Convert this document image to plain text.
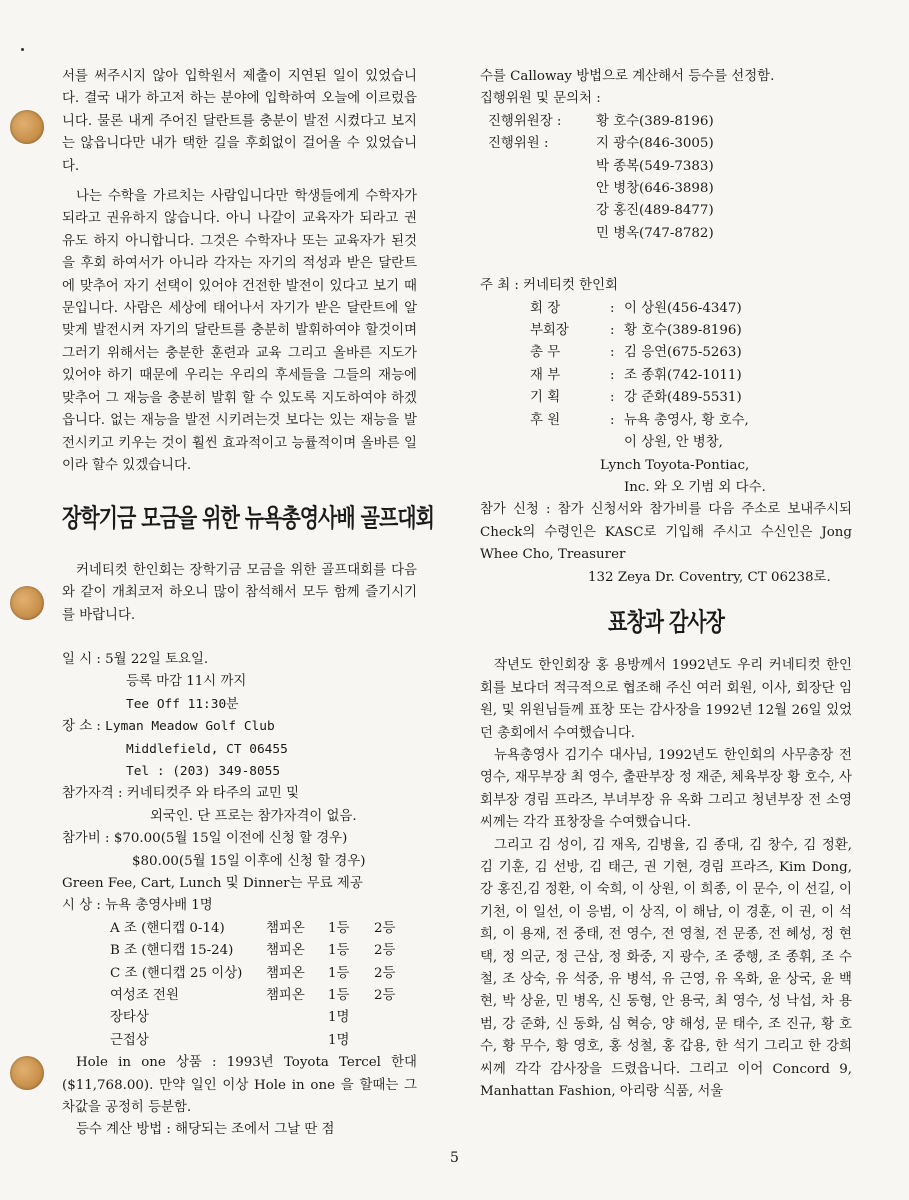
서를 써주시지 않아 입학원서 제출이 지연된 일이 있었습니다. 결국 내가 하고저 하는 분야에 입학하여 오늘에 이르렀읍니다. 물론 내게 주어진 달란트를 충분이 발전 시켰다고 보지는 않읍니다만 내가 택한 길을 후회없이 걸어올 수 있었습니다.

나는 수학을 가르치는 사람입니다만 학생들에게 수학자가 되라고 권유하지 않습니다. 아니 나갈이 교육자가 되라고 권유도 하지 아니합니다. 그것은 수학자나 또는 교육자가 된것을 후회 하여서가 아니라 각자는 자기의 적성과 받은 달란트에 맞추어 자기 선택이 있어야 건전한 발전이 있다고 보기 때문입니다. 사람은 세상에 태어나서 자기가 받은 달란트에 알맞게 발전시켜 자기의 달란트를 충분히 발휘하여야 할것이며 그러기 위해서는 충분한 훈련과 교육 그리고 올바른 지도가 있어야 하기 때문에 우리는 우리의 후세들을 그들의 재능에 맞추어 그 재능을 충분히 발휘 할 수 있도록 지도하여야 하겠읍니다. 없는 재능을 발전 시키려는것 보다는 있는 재능을 발전시키고 키우는 것이 훨씬 효과적이고 능률적이며 올바른 일이라 할수 있겠습니다.

장학기금 모금을 위한 뉴욕총영사배 골프대회

커네티컷 한인회는 장학기금 모금을 위한 골프대회를 다음와 같이 개최코저 하오니 많이 참석해서 모두 함께 즐기시기를 바랍니다.

일 시 : 5월 22일 토요일.
등록 마감 11시 까지
Tee Off 11:30분
장 소 : Lyman Meadow Golf Club
Middlefield, CT 06455
Tel : (203) 349-8055
참가자격 : 커네티컷주 와 타주의 교민 및
외국인. 단 프로는 참가자격이 없음.
참가비 : $70.00(5월 15일 이전에 신청 할 경우)
$80.00(5월 15일 이후에 신청 할 경우)
Green Fee, Cart, Lunch 및 Dinner는 무료 제공
시 상 : 뉴욕 총영사배 1명
A 조 (핸디캡 0-14)	챔피온	1등	2등
B 조 (핸디캡 15-24)	챔피온	1등	2등
C 조 (핸디캡 25 이상)	챔피온	1등	2등
여성조 전원	챔피온	1등	2등
장타상	1명
근접상	1명

Hole in one 상품 : 1993년 Toyota Tercel 한대($11,768.00). 만약 일인 이상 Hole in one 을 할때는 그 차값을 공정히 등분함.

등수 계산 방법 : 해당되는 조에서 그날 딴 점

수를 Calloway 방법으로 계산해서 등수를 선정함.

집행위원 및 문의처 :
진행위원장 :	황 호수(389-8196)
진행위원 :	지 광수(846-3005)
박 종복(549-7383)
안 병창(646-3898)
강 홍진(489-8477)
민 병옥(747-8782)
주 최 : 커네티컷 한인회
회 장	: 이 상원(456-4347)
부회장	: 황 호수(389-8196)
총 무	: 김 응연(675-5263)
재 부	: 조 종휘(742-1011)
기 획	: 강 준화(489-5531)
후 원	: 뉴욕 총영사, 황 호수,
이 상원, 안 병창,
Lynch Toyota-Pontiac,
Inc. 와 오 기범 외 다수.

참가 신청 : 참가 신청서와 참가비를 다음 주소로 보내주시되 Check의 수령인은 KASC로 기입해 주시고 수신인은 Jong Whee Cho, Treasurer

132 Zeya Dr. Coventry, CT 06238로.
표창과 감사장

작년도 한인회장 홍 용방께서 1992년도 우리 커네티컷 한인회를 보다더 적극적으로 협조해 주신 여러 회원, 이사, 회장단 임원, 및 위원님들께 표창 또는 감사장을 1992년 12월 26일 있었던 총회에서 수여했습니다.

뉴욕총영사 김기수 대사님, 1992년도 한인회의 사무총장 전 영수, 재무부장 최 영수, 출판부장 정 재준, 체육부장 황 호수, 사회부장 경림 프라즈, 부녀부장 유 옥화 그리고 청년부장 전 소영씨께는 각각 표창장을 수여했습니다.

그리고 김 성이, 김 재옥, 김병율, 김 종대, 김 창수, 김 정환, 김 기훈, 김 선방, 김 태근, 권 기현, 경림 프라즈, Kim Dong, 강 홍진,김 정환, 이 숙희, 이 상원, 이 희종, 이 문수, 이 선길, 이 기천, 이 일선, 이 응범, 이 상직, 이 해남, 이 경훈, 이 권, 이 석희, 이 용재, 전 중태, 전 영수, 전 영철, 전 문종, 전 혜성, 정 현택, 정 의군, 정 근삼, 정 화중, 지 광수, 조 중행, 조 종휘, 조 수철, 조 상숙, 유 석중, 유 병석, 유 근영, 유 옥화, 윤 상국, 윤 백현, 박 상윤, 민 병옥, 신 동형, 안 용국, 최 영수, 성 낙섭, 차 용범, 강 준화, 신 동화, 심 혁승, 양 해성, 문 태수, 조 진규, 황 호수, 황 무수, 황 영호, 홍 성철, 홍 갑용, 한 석기 그리고 한 강희 씨께 각각 감사장을 드렸읍니다. 그리고 이어 Concord 9, Manhattan Fashion, 아리랑 식품, 서울

5
